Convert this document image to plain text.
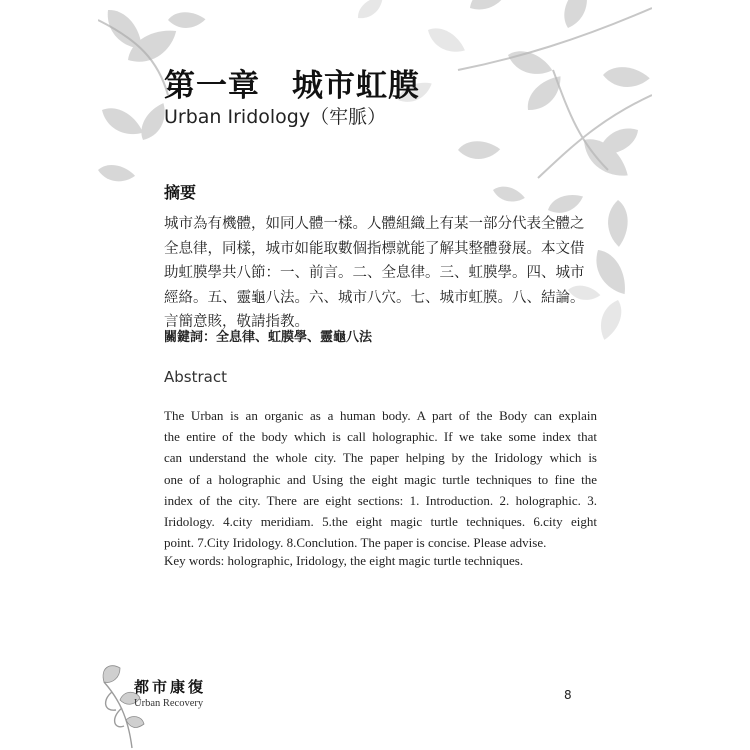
第一章　城市虹膜
Urban Iridology（牢脈）
摘要

城市為有機體，如同人體一樣。人體組織上有某一部分代表全體之全息律，同樣，城市如能取數個指標就能了解其整體發展。本文借助虹膜學共八節：一、前言。二、全息律。三、虹膜學。四、城市經絡。五、靈龜八法。六、城市八穴。七、城市虹膜。八、結論。言簡意賅，敬請指教。

關鍵詞：全息律、虹膜學、靈龜八法
Abstract
The Urban is an organic as a human body. A part of the Body can explain
the entire of the body which is call holographic. If we take some index that
can understand the whole city. The paper helping by the Iridology which is
one of a holographic and Using the eight magic turtle techniques to fine the
index of the city. There are eight sections: 1. Introduction. 2. holographic. 3.
Iridology. 4.city meridiam. 5.the eight magic turtle techniques. 6.city eight
point. 7.City Iridology. 8.Conclution. The paper is concise. Please advise.
Key words: holographic, Iridology, the eight magic turtle techniques.
都市康復
Urban Recovery
8
